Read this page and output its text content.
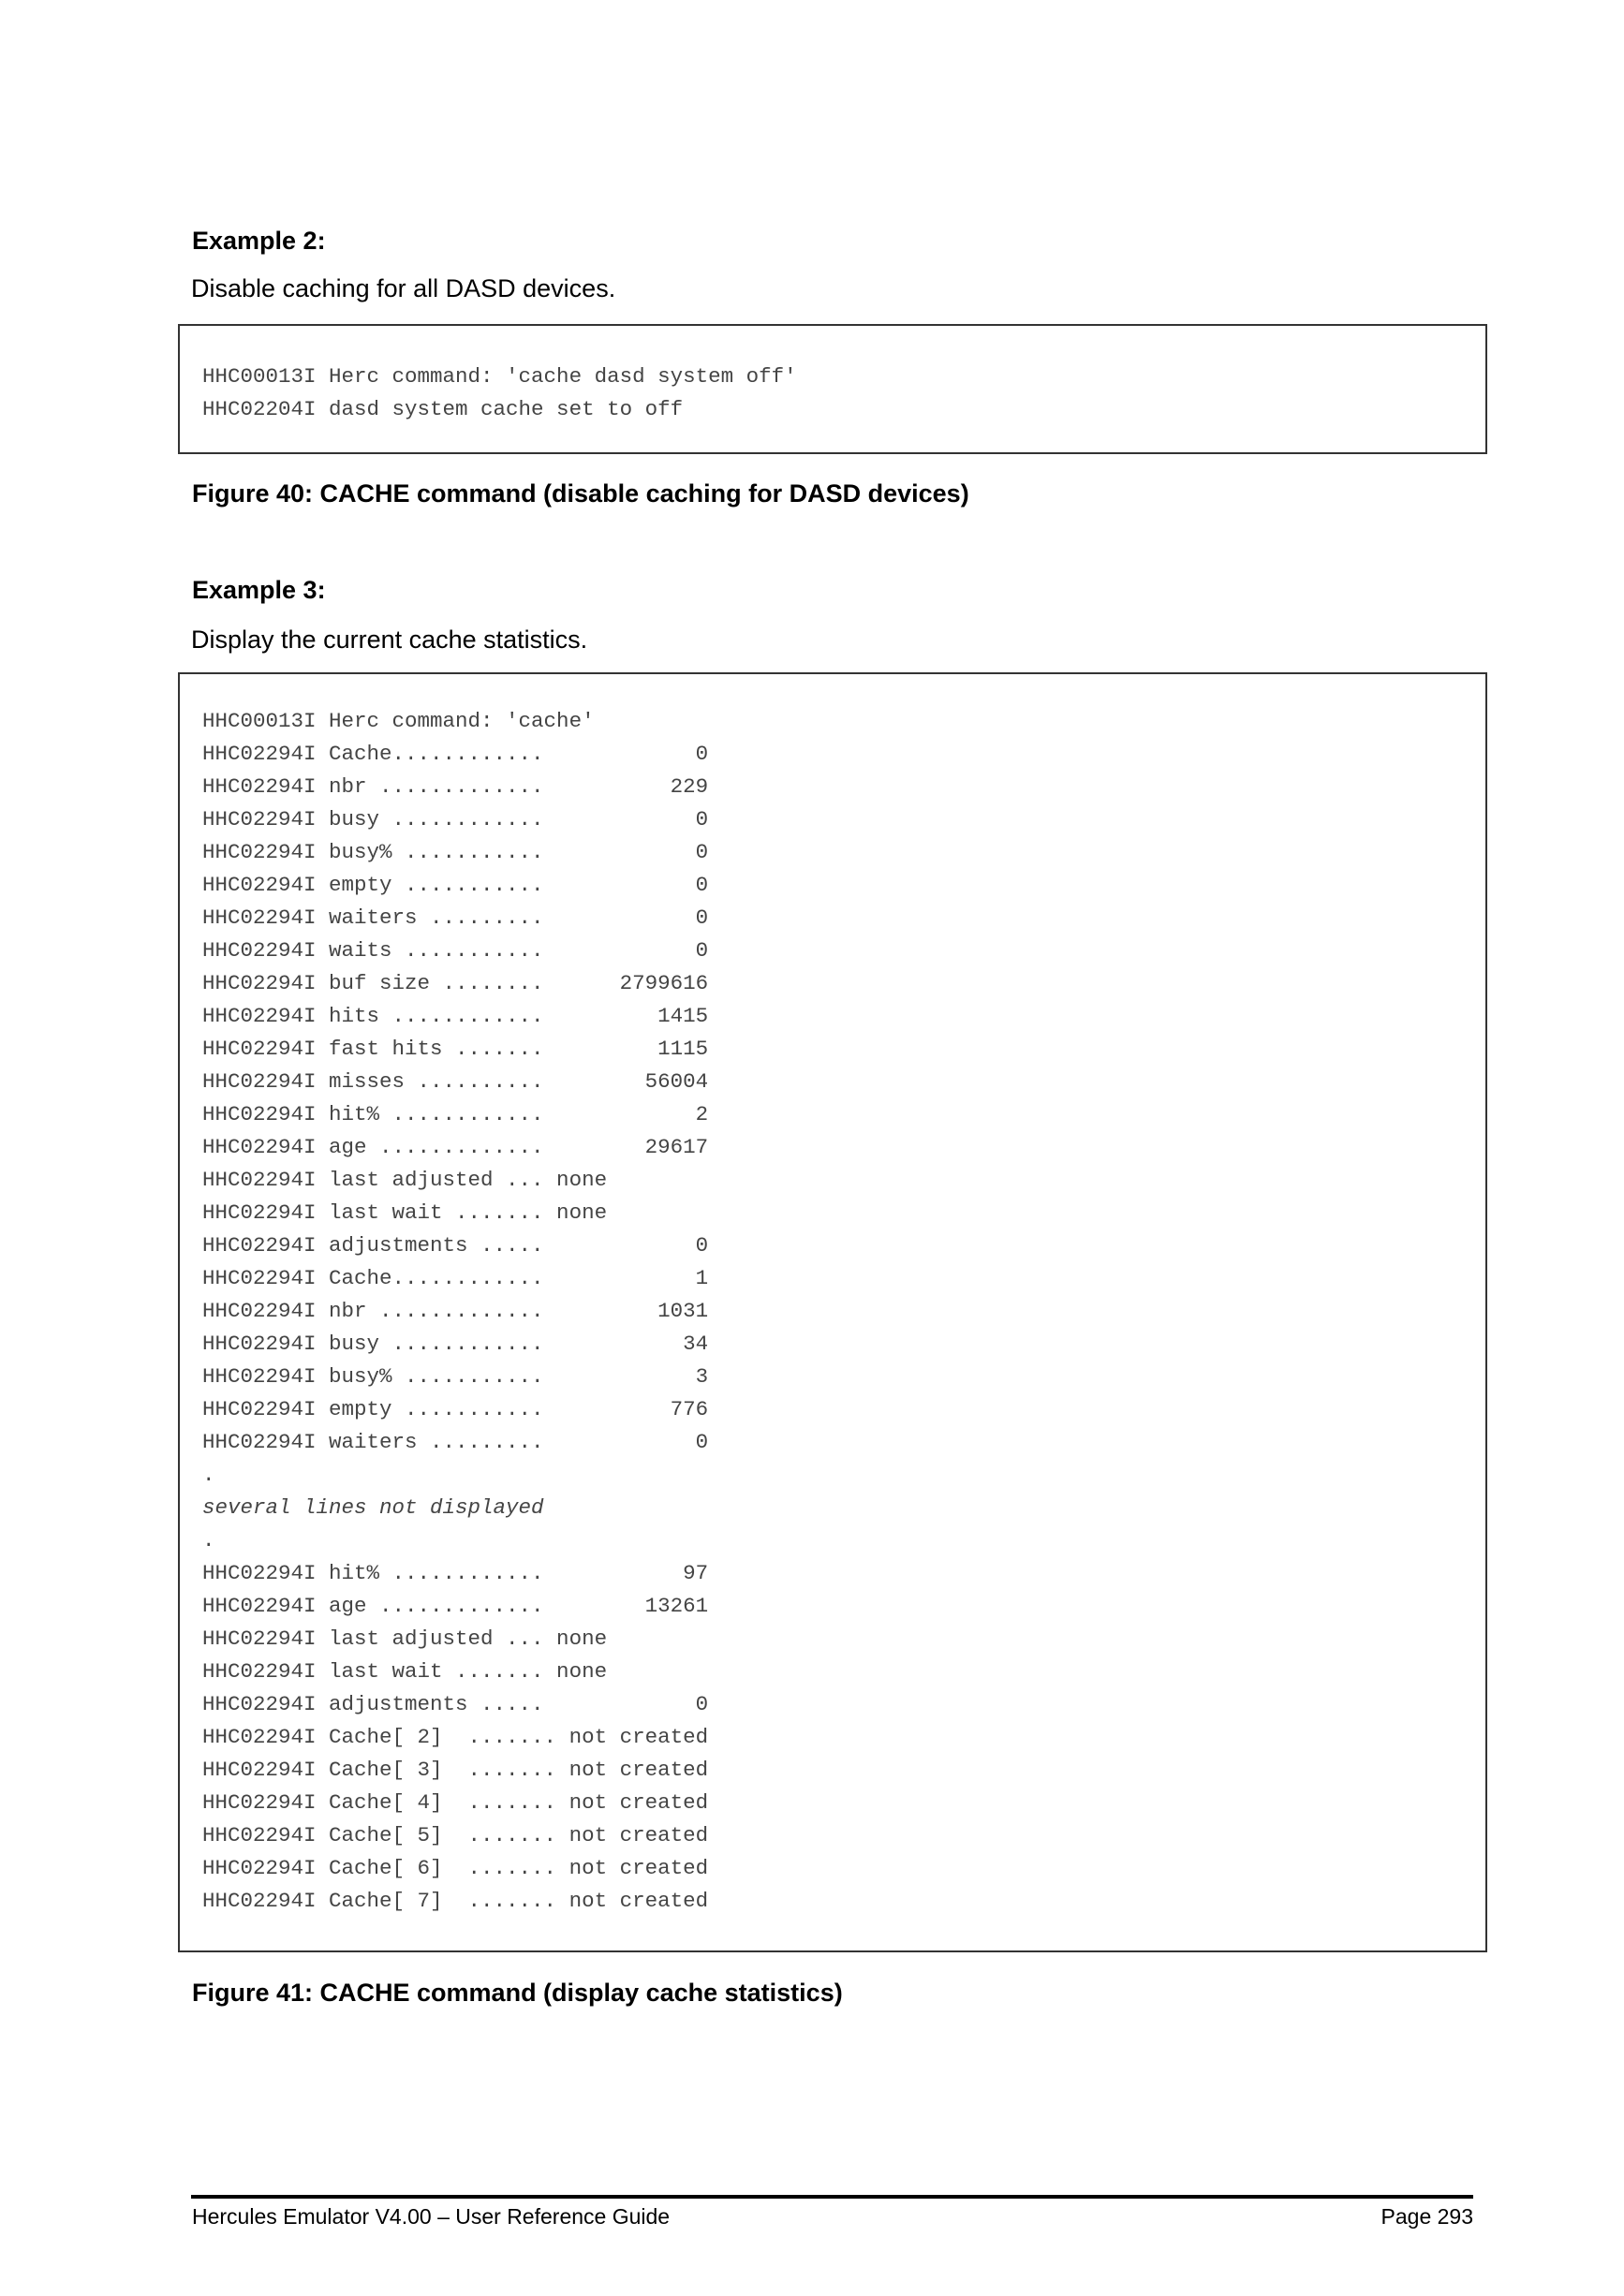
Example 2:
Disable caching for all DASD devices.
HHC00013I Herc command: 'cache dasd system off'
HHC02204I dasd system cache set to off
Figure 40: CACHE command (disable caching for DASD devices)
Example 3:
Display the current cache statistics.
HHC00013I Herc command: 'cache'
HHC02294I Cache............            0
HHC02294I nbr .............          229
HHC02294I busy ............            0
HHC02294I busy% ...........            0
HHC02294I empty ...........            0
HHC02294I waiters .........            0
HHC02294I waits ...........            0
HHC02294I buf size ........      2799616
HHC02294I hits ............         1415
HHC02294I fast hits .......         1115
HHC02294I misses ..........        56004
HHC02294I hit% ............            2
HHC02294I age .............        29617
HHC02294I last adjusted ... none
HHC02294I last wait ....... none
HHC02294I adjustments .....            0
HHC02294I Cache............            1
HHC02294I nbr .............         1031
HHC02294I busy ............           34
HHC02294I busy% ...........            3
HHC02294I empty ...........          776
HHC02294I waiters .........            0
.
several lines not displayed
.
HHC02294I hit% ............           97
HHC02294I age .............        13261
HHC02294I last adjusted ... none
HHC02294I last wait ....... none
HHC02294I adjustments .....            0
HHC02294I Cache[ 2]  ....... not created
HHC02294I Cache[ 3]  ....... not created
HHC02294I Cache[ 4]  ....... not created
HHC02294I Cache[ 5]  ....... not created
HHC02294I Cache[ 6]  ....... not created
HHC02294I Cache[ 7]  ....... not created
Figure 41: CACHE command (display cache statistics)
Hercules Emulator V4.00 – User Reference Guide	Page 293
